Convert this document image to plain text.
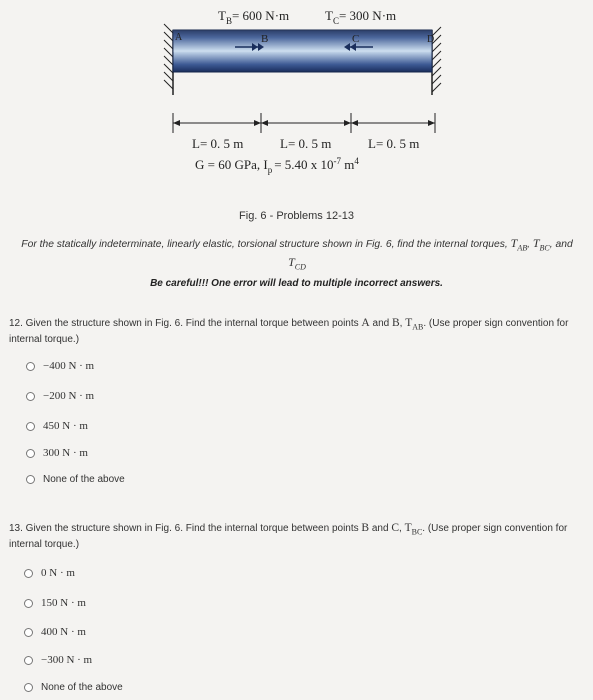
$T_B= 600$ N·m	$T_C= 300$ N·m
A	B	C	D
L= 0. 5 m	L= 0. 5 m	L= 0. 5 m
G = 60 GPa, $I_p = 5.40$ x $10^{-7}$ $m^4$
Fig. 6 - Problems 12-13
For the statically indeterminate, linearly elastic, torsional structure shown in Fig. 6, find the internal torques, $T_{AB}$, $T_{BC}$, and
$T_{CD}$
Be careful!!! One error will lead to multiple incorrect answers.
12. Given the structure shown in Fig. 6. Find the internal torque between points A and B, $T_{AB}$. (Use proper sign convention for internal torque.)
−400 N · m
−200 N · m
450 N · m
300 N · m
None of the above
13. Given the structure shown in Fig. 6. Find the internal torque between points B and C, $T_{BC}$. (Use proper sign convention for internal torque.)
0 N · m
150 N · m
400 N · m
−300 N · m
None of the above
